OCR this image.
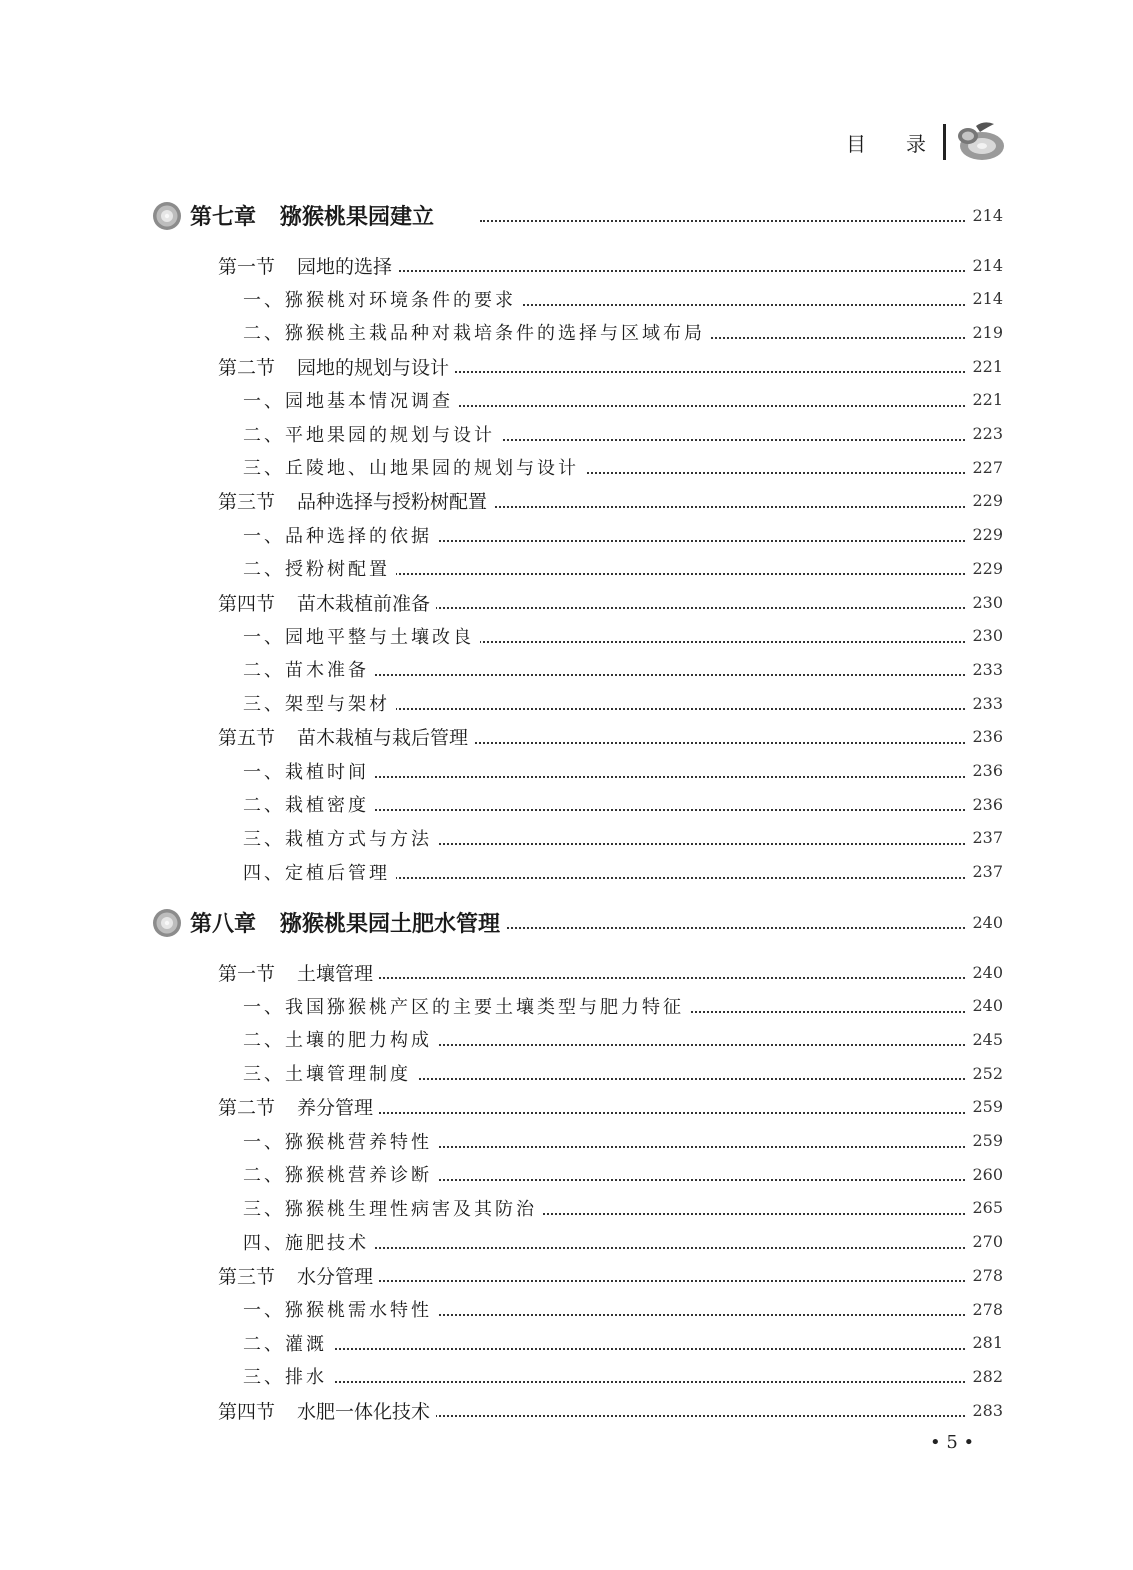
目 录
第七章 猕猴桃果园建立	214
第一节 园地的选择	214
一、猕猴桃对环境条件的要求	214
二、猕猴桃主栽品种对栽培条件的选择与区域布局	219
第二节 园地的规划与设计	221
一、园地基本情况调查	221
二、平地果园的规划与设计	223
三、丘陵地、山地果园的规划与设计	227
第三节 品种选择与授粉树配置	229
一、品种选择的依据	229
二、授粉树配置	229
第四节 苗木栽植前准备	230
一、园地平整与土壤改良	230
二、苗木准备	233
三、架型与架材	233
第五节 苗木栽植与栽后管理	236
一、栽植时间	236
二、栽植密度	236
三、栽植方式与方法	237
四、定植后管理	237
第八章 猕猴桃果园土肥水管理	240
第一节 土壤管理	240
一、我国猕猴桃产区的主要土壤类型与肥力特征	240
二、土壤的肥力构成	245
三、土壤管理制度	252
第二节 养分管理	259
一、猕猴桃营养特性	259
二、猕猴桃营养诊断	260
三、猕猴桃生理性病害及其防治	265
四、施肥技术	270
第三节 水分管理	278
一、猕猴桃需水特性	278
二、灌溉	281
三、排水	282
第四节 水肥一体化技术	283
• 5 •
